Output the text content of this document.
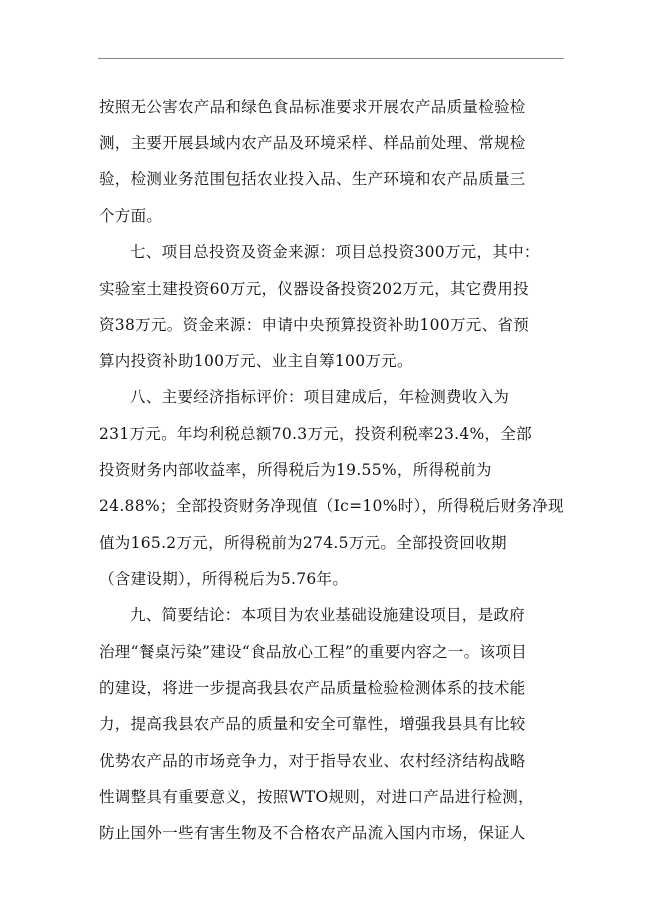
按照无公害农产品和绿色食品标准要求开展农产品质量检验检
测，主要开展县域内农产品及环境采样、样品前处理、常规检
验，检测业务范围包括农业投入品、生产环境和农产品质量三
个方面。
七、项目总投资及资金来源：项目总投资300万元，其中：
实验室土建投资60万元，仪器设备投资202万元，其它费用投
资38万元。资金来源：申请中央预算投资补助100万元、省预
算内投资补助100万元、业主自筹100万元。
八、主要经济指标评价：项目建成后，年检测费收入为
231万元。年均利税总额70.3万元，投资利税率23.4%，全部
投资财务内部收益率，所得税后为19.55%，所得税前为
24.88%；全部投资财务净现值（Ic=10%时），所得税后财务净现
值为165.2万元，所得税前为274.5万元。全部投资回收期
（含建设期），所得税后为5.76年。
九、简要结论：本项目为农业基础设施建设项目，是政府
治理“餐桌污染”建设“食品放心工程”的重要内容之一。该项目
的建设，将进一步提高我县农产品质量检验检测体系的技术能
力，提高我县农产品的质量和安全可靠性，增强我县具有比较
优势农产品的市场竞争力，对于指导农业、农村经济结构战略
性调整具有重要意义，按照WTO规则，对进口产品进行检测，
防止国外一些有害生物及不合格农产品流入国内市场，保证人
